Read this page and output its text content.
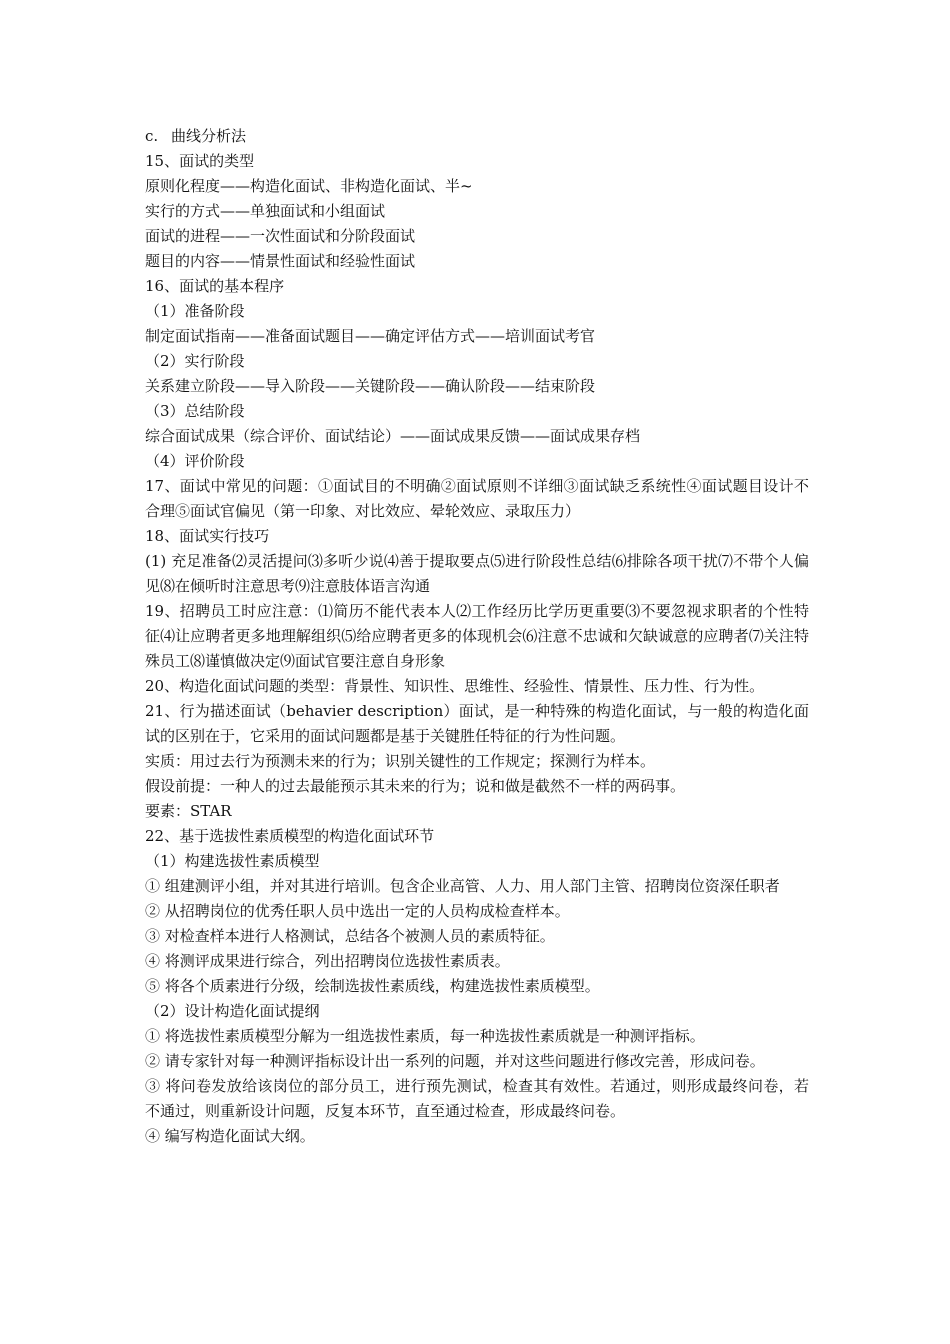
c. 曲线分析法

15、面试的类型

原则化程度——构造化面试、非构造化面试、半~

实行的方式——单独面试和小组面试

面试的进程——一次性面试和分阶段面试

题目的内容——情景性面试和经验性面试

16、面试的基本程序

（1）准备阶段

制定面试指南——准备面试题目——确定评估方式——培训面试考官

（2）实行阶段

关系建立阶段——导入阶段——关键阶段——确认阶段——结束阶段

（3）总结阶段

综合面试成果（综合评价、面试结论）——面试成果反馈——面试成果存档

（4）评价阶段

17、面试中常见的问题：①面试目的不明确②面试原则不详细③面试缺乏系统性④面试题目设计不合理⑤面试官偏见（第一印象、对比效应、晕轮效应、录取压力）

18、面试实行技巧

(1) 充足准备⑵灵活提问⑶多听少说⑷善于提取要点⑸进行阶段性总结⑹排除各项干扰⑺不带个人偏见⑻在倾听时注意思考⑼注意肢体语言沟通

19、招聘员工时应注意：⑴简历不能代表本人⑵工作经历比学历更重要⑶不要忽视求职者的个性特征⑷让应聘者更多地理解组织⑸给应聘者更多的体现机会⑹注意不忠诚和欠缺诚意的应聘者⑺关注特殊员工⑻谨慎做决定⑼面试官要注意自身形象

20、构造化面试问题的类型：背景性、知识性、思维性、经验性、情景性、压力性、行为性。

21、行为描述面试（behavier description）面试，是一种特殊的构造化面试，与一般的构造化面试的区别在于，它采用的面试问题都是基于关键胜任特征的行为性问题。

实质：用过去行为预测未来的行为；识别关键性的工作规定；探测行为样本。

假设前提：一种人的过去最能预示其未来的行为；说和做是截然不一样的两码事。

要素：STAR

22、基于选拔性素质模型的构造化面试环节

（1）构建选拔性素质模型

① 组建测评小组，并对其进行培训。包含企业高管、人力、用人部门主管、招聘岗位资深任职者

② 从招聘岗位的优秀任职人员中选出一定的人员构成检查样本。

③ 对检查样本进行人格测试，总结各个被测人员的素质特征。

④ 将测评成果进行综合，列出招聘岗位选拔性素质表。

⑤ 将各个质素进行分级，绘制选拔性素质线，构建选拔性素质模型。

（2）设计构造化面试提纲

① 将选拔性素质模型分解为一组选拔性素质，每一种选拔性素质就是一种测评指标。

② 请专家针对每一种测评指标设计出一系列的问题，并对这些问题进行修改完善，形成问卷。

③ 将问卷发放给该岗位的部分员工，进行预先测试，检查其有效性。若通过，则形成最终问卷，若不通过，则重新设计问题，反复本环节，直至通过检查，形成最终问卷。

④ 编写构造化面试大纲。
